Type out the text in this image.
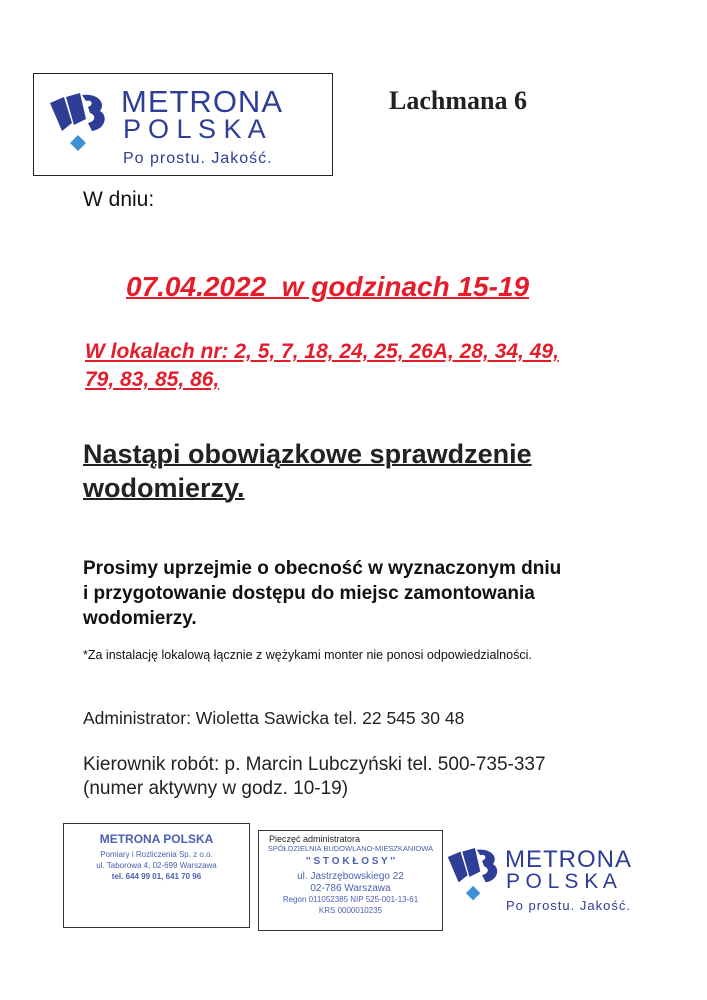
METRONA
P O L S K A
Po prostu. Jakość.
Lachmana 6
W dniu:
07.04.2022  w godzinach 15-19
W lokalach nr: 2, 5, 7, 18, 24, 25, 26A, 28, 34, 49,
79, 83, 85, 86,
Nastąpi obowiązkowe sprawdzenie
wodomierzy.
Prosimy uprzejmie o obecność w wyznaczonym dniu
i przygotowanie dostępu do miejsc zamontowania
wodomierzy.
*Za instalację lokalową łącznie z wężykami monter nie ponosi odpowiedzialności.
Administrator: Wioletta Sawicka tel. 22 545 30 48
Kierownik robót: p. Marcin Lubczyński tel. 500-735-337
(numer aktywny w godz. 10-19)
METRONA POLSKA
Pomiary i Rozliczenia Sp. z o.o.
ul. Taborowa 4, 02-699 Warszawa
tel. 644 99 01, 641 70 96
Pieczęć administratora
SPÓŁDZIELNIA BUDOWLANO-MIESZKANIOWA
'' S T O K Ł O S Y ''
ul. Jastrzębowskiego 22
02-786 Warszawa
Regon 011052385 NIP 525-001-13-61
KRS 0000010235
METRONA
P O L S K A
Po prostu. Jakość.
